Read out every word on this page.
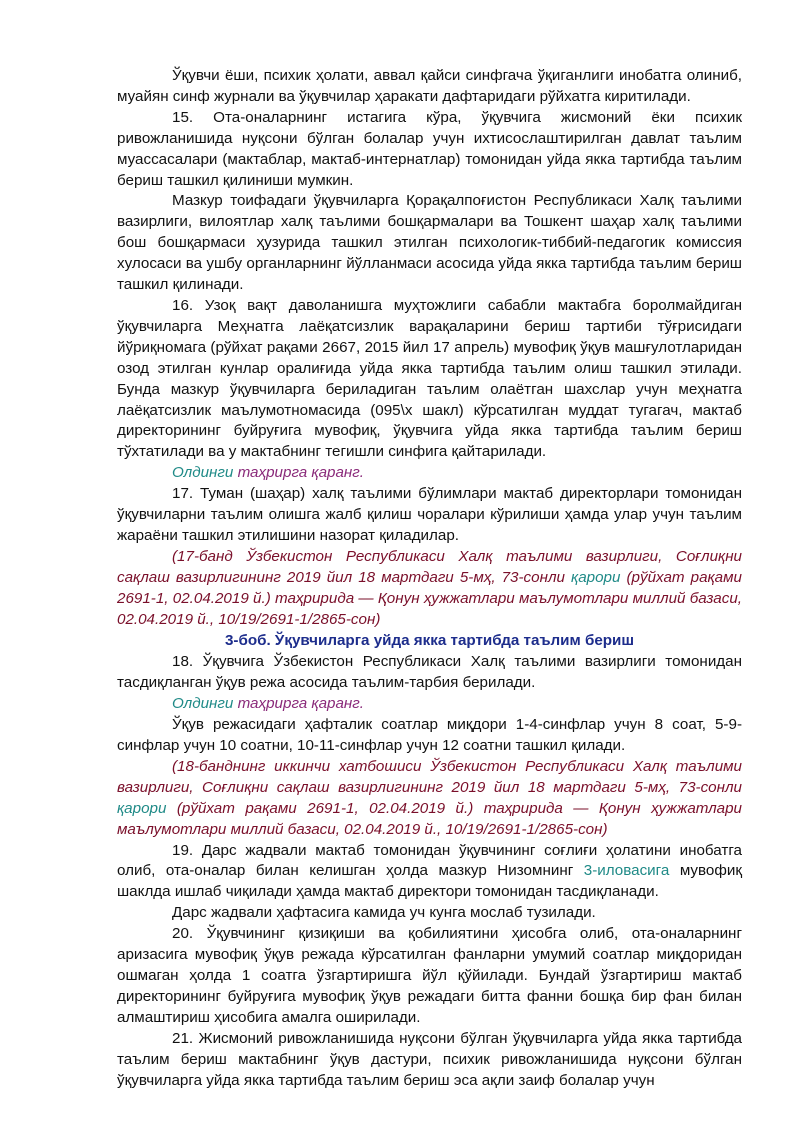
Ўқувчи ёши, психик ҳолати, аввал қайси синфгача ўқиганлиги инобатга олиниб, муайян синф журнали ва ўқувчилар ҳаракати дафтаридаги рўйхатга киритилади.

15. Ота-оналарнинг истагига кўра, ўқувчига жисмоний ёки психик ривожланишида нуқсони бўлган болалар учун ихтисослаштирилган давлат таълим муассасалари (мактаблар, мактаб-интернатлар) томонидан уйда якка тартибда таълим бериш ташкил қилиниши мумкин.

Мазкур тоифадаги ўқувчиларга Қорақалпоғистон Республикаси Халқ таълими вазирлиги, вилоятлар халқ таълими бошқармалари ва Тошкент шаҳар халқ таълими бош бошқармаси ҳузурида ташкил этилган психологик-тиббий-педагогик комиссия хулосаси ва ушбу органларнинг йўлланмаси асосида уйда якка тартибда таълим бериш ташкил қилинади.

16. Узоқ вақт даволанишга муҳтожлиги сабабли мактабга боролмайдиган ўқувчиларга Меҳнатга лаёқатсизлик варақаларини бериш тартиби тўғрисидаги йўриқномага (рўйхат рақами 2667, 2015 йил 17 апрель) мувофиқ ўқув машғулотларидан озод этилган кунлар оралиғида уйда якка тартибда таълим олиш ташкил этилади. Бунда мазкур ўқувчиларга бериладиган таълим олаётган шахслар учун меҳнатга лаёқатсизлик маълумотномасида (095\х шакл) кўрсатилган муддат тугагач, мактаб директорининг буйруғига мувофиқ, ўқувчига уйда якка тартибда таълим бериш тўхтатилади ва у мактабнинг тегишли синфига қайтарилади.

Олдинги таҳрирга қаранг.

17. Туман (шаҳар) халқ таълими бўлимлари мактаб директорлари томонидан ўқувчиларни таълим олишга жалб қилиш чоралари кўрилиши ҳамда улар учун таълим жараёни ташкил этилишини назорат қиладилар.

(17-банд Ўзбекистон Республикаси Халқ таълими вазирлиги, Соғлиқни сақлаш вазирлигининг 2019 йил 18 мартдаги 5-мҳ, 73-сонли қарори (рўйхат рақами 2691-1, 02.04.2019 й.) таҳририда — Қонун ҳужжатлари маълумотлари миллий базаси, 02.04.2019 й., 10/19/2691-1/2865-сон)

3-боб. Ўқувчиларга уйда якка тартибда таълим бериш

18. Ўқувчига Ўзбекистон Республикаси Халқ таълими вазирлиги томонидан тасдиқланган ўқув режа асосида таълим-тарбия берилади.

Олдинги таҳрирга қаранг.

Ўқув режасидаги ҳафталик соатлар миқдори 1-4-синфлар учун 8 соат, 5-9-синфлар учун 10 соатни, 10-11-синфлар учун 12 соатни ташкил қилади.

(18-банднинг иккинчи хатбошиси Ўзбекистон Республикаси Халқ таълими вазирлиги, Соғлиқни сақлаш вазирлигининг 2019 йил 18 мартдаги 5-мҳ, 73-сонли қарори (рўйхат рақами 2691-1, 02.04.2019 й.) таҳририда — Қонун ҳужжатлари маълумотлари миллий базаси, 02.04.2019 й., 10/19/2691-1/2865-сон)

19. Дарс жадвали мактаб томонидан ўқувчининг соғлиғи ҳолатини инобатга олиб, ота-оналар билан келишган ҳолда мазкур Низомнинг 3-иловасига мувофиқ шаклда ишлаб чиқилади ҳамда мактаб директори томонидан тасдиқланади.

Дарс жадвали ҳафтасига камида уч кунга мослаб тузилади.

20. Ўқувчининг қизиқиши ва қобилиятини ҳисобга олиб, ота-оналарнинг аризасига мувофиқ ўқув режада кўрсатилган фанларни умумий соатлар миқдоридан ошмаган ҳолда 1 соатга ўзгартиришга йўл қўйилади. Бундай ўзгартириш мактаб директорининг буйруғига мувофиқ ўқув режадаги битта фанни бошқа бир фан билан алмаштириш ҳисобига амалга оширилади.

21. Жисмоний ривожланишида нуқсони бўлган ўқувчиларга уйда якка тартибда таълим бериш мактабнинг ўқув дастури, психик ривожланишида нуқсони бўлган ўқувчиларга уйда якка тартибда таълим бериш эса ақли заиф болалар учун
